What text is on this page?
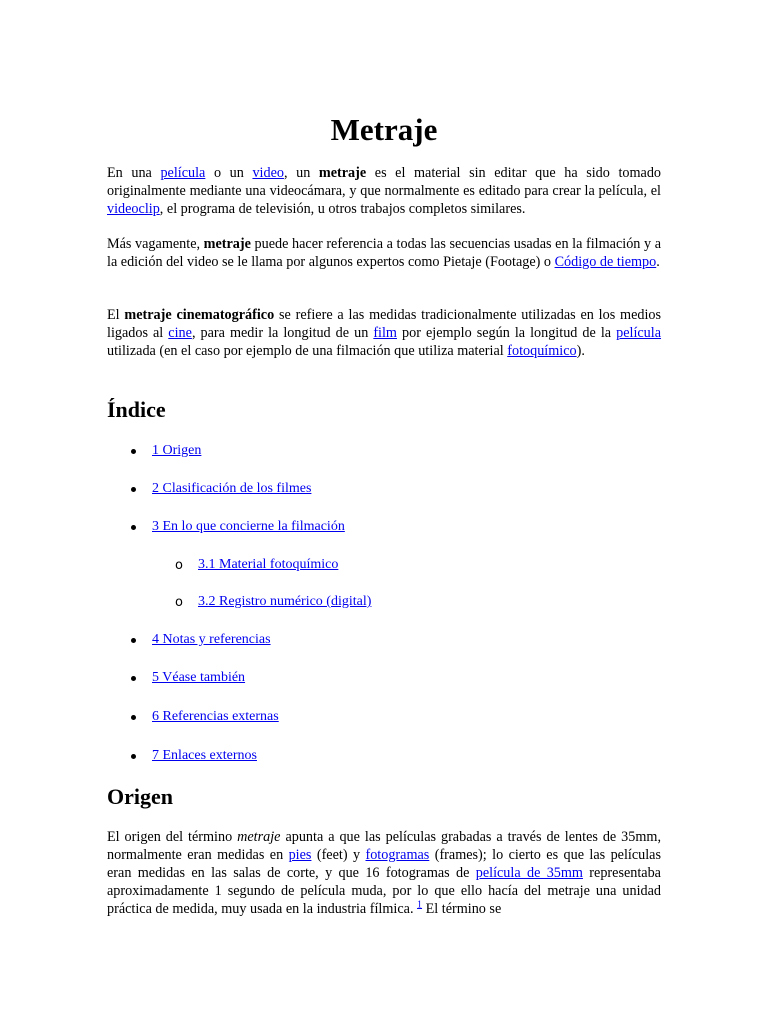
Metraje

En una película o un video, un metraje es el material sin editar que ha sido tomado originalmente mediante una videocámara, y que normalmente es editado para crear la película, el videoclip, el programa de televisión, u otros trabajos completos similares.

Más vagamente, metraje puede hacer referencia a todas las secuencias usadas en la filmación y a la edición del video se le llama por algunos expertos como Pietaje (Footage) o Código de tiempo.

El metraje cinematográfico se refiere a las medidas tradicionalmente utilizadas en los medios ligados al cine, para medir la longitud de un film por ejemplo según la longitud de la película utilizada (en el caso por ejemplo de una filmación que utiliza material fotoquímico).

Índice
1 Origen
2 Clasificación de los filmes
3 En lo que concierne la filmación
o 3.1 Material fotoquímico
o 3.2 Registro numérico (digital)
4 Notas y referencias
5 Véase también
6 Referencias externas
7 Enlaces externos
Origen

El origen del término metraje apunta a que las películas grabadas a través de lentes de 35mm, normalmente eran medidas en pies (feet) y fotogramas (frames); lo cierto es que las películas eran medidas en las salas de corte, y que 16 fotogramas de película de 35mm representaba aproximadamente 1 segundo de película muda, por lo que ello hacía del metraje una unidad práctica de medida, muy usada en la industria fílmica. $^1$ El término se
